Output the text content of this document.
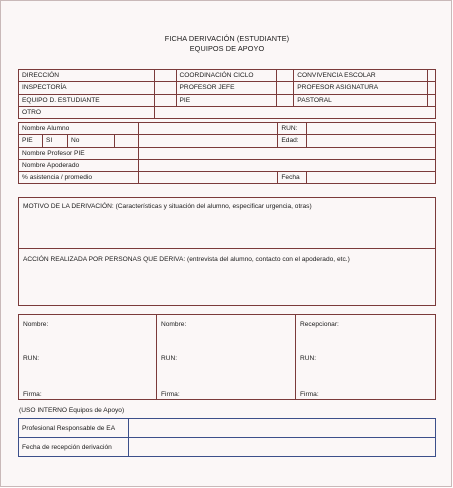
FICHA DERIVACIÓN (ESTUDIANTE)
EQUIPOS DE APOYO
DIRECCIÓN		COORDINACIÓN CICLO		CONVIVENCIA ESCOLAR	
INSPECTORÍA		PROFESOR JEFE		PROFESOR ASIGNATURA	
EQUIPO D. ESTUDIANTE		PIE		PASTORAL	
OTRO					
Nombre Alumno					RUN:	
PIE	SI	No			Edad:	
Nombre Profesor PIE						
Nombre Apoderado						
% asistencia / promedio					Fecha	
MOTIVO DE LA DERIVACIÓN: (Características y situación del alumno, especificar urgencia, otras)
ACCIÓN REALIZADA POR PERSONAS QUE DERIVA: (entrevista del alumno, contacto con el apoderado, etc.)
Nombre:
RUN:
Firma:
Nombre:
RUN:
Firma:
Recepcionar:
RUN:
Firma:
(USO INTERNO Equipos de Apoyo)
Profesional Responsable de EA	
Fecha de recepción derivación	
